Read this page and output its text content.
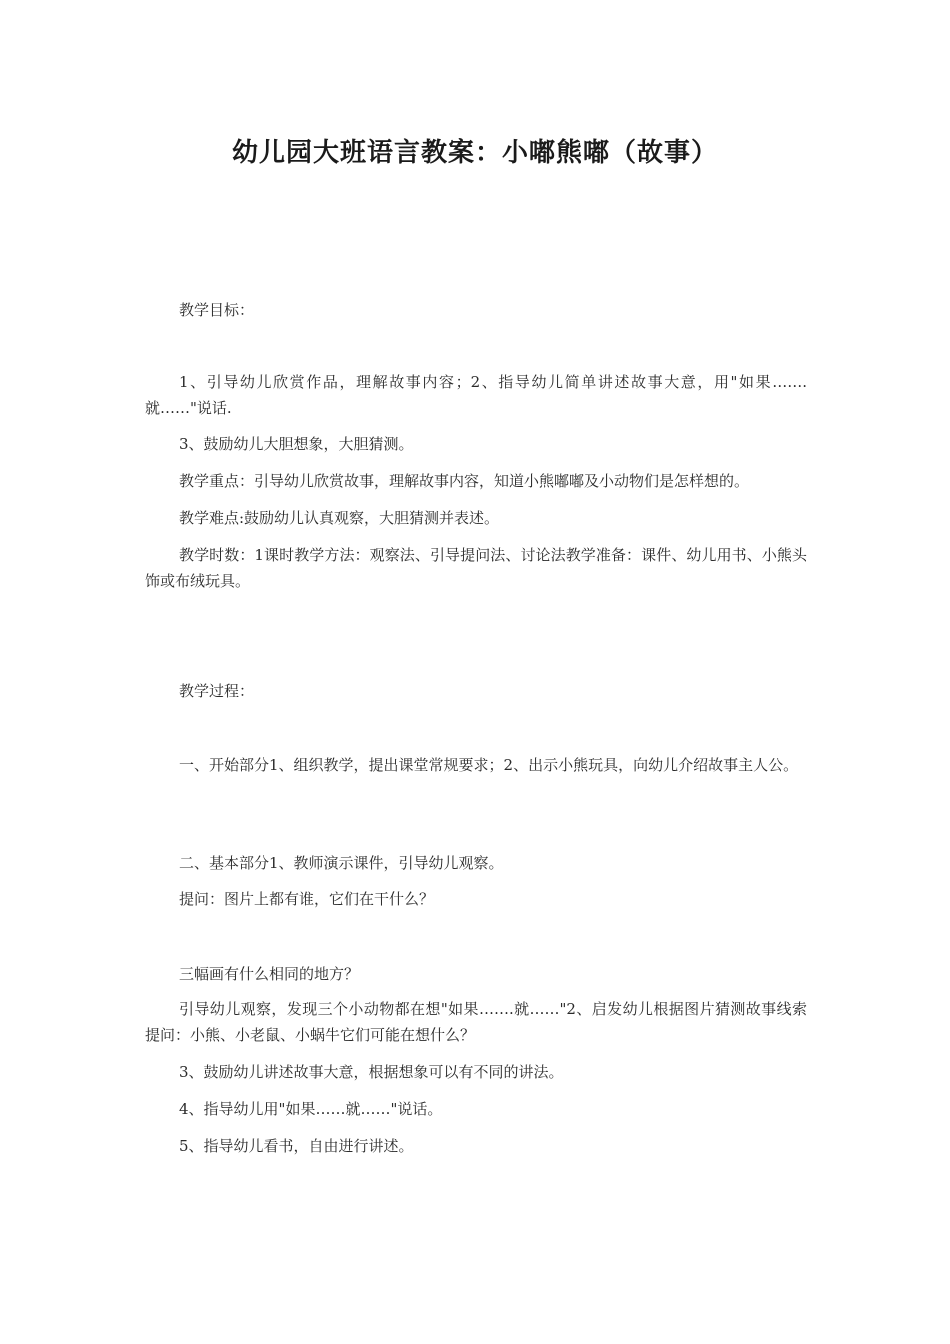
幼儿园大班语言教案：小嘟熊嘟（故事）
教学目标：
1、引导幼儿欣赏作品，理解故事内容；2、指导幼儿简单讲述故事大意，用"如果…….就……"说话.
3、鼓励幼儿大胆想象，大胆猜测。
教学重点：引导幼儿欣赏故事，理解故事内容，知道小熊嘟嘟及小动物们是怎样想的。
教学难点:鼓励幼儿认真观察，大胆猜测并表述。
教学时数：1课时教学方法：观察法、引导提问法、讨论法教学准备：课件、幼儿用书、小熊头饰或布绒玩具。
教学过程：
一、开始部分1、组织教学，提出课堂常规要求；2、出示小熊玩具，向幼儿介绍故事主人公。
二、基本部分1、教师演示课件，引导幼儿观察。
提问：图片上都有谁，它们在干什么？
三幅画有什么相同的地方？
引导幼儿观察，发现三个小动物都在想"如果…….就……"2、启发幼儿根据图片猜测故事线索提问：小熊、小老鼠、小蜗牛它们可能在想什么？
3、鼓励幼儿讲述故事大意，根据想象可以有不同的讲法。
4、指导幼儿用"如果……就……"说话。
5、指导幼儿看书，自由进行讲述。
